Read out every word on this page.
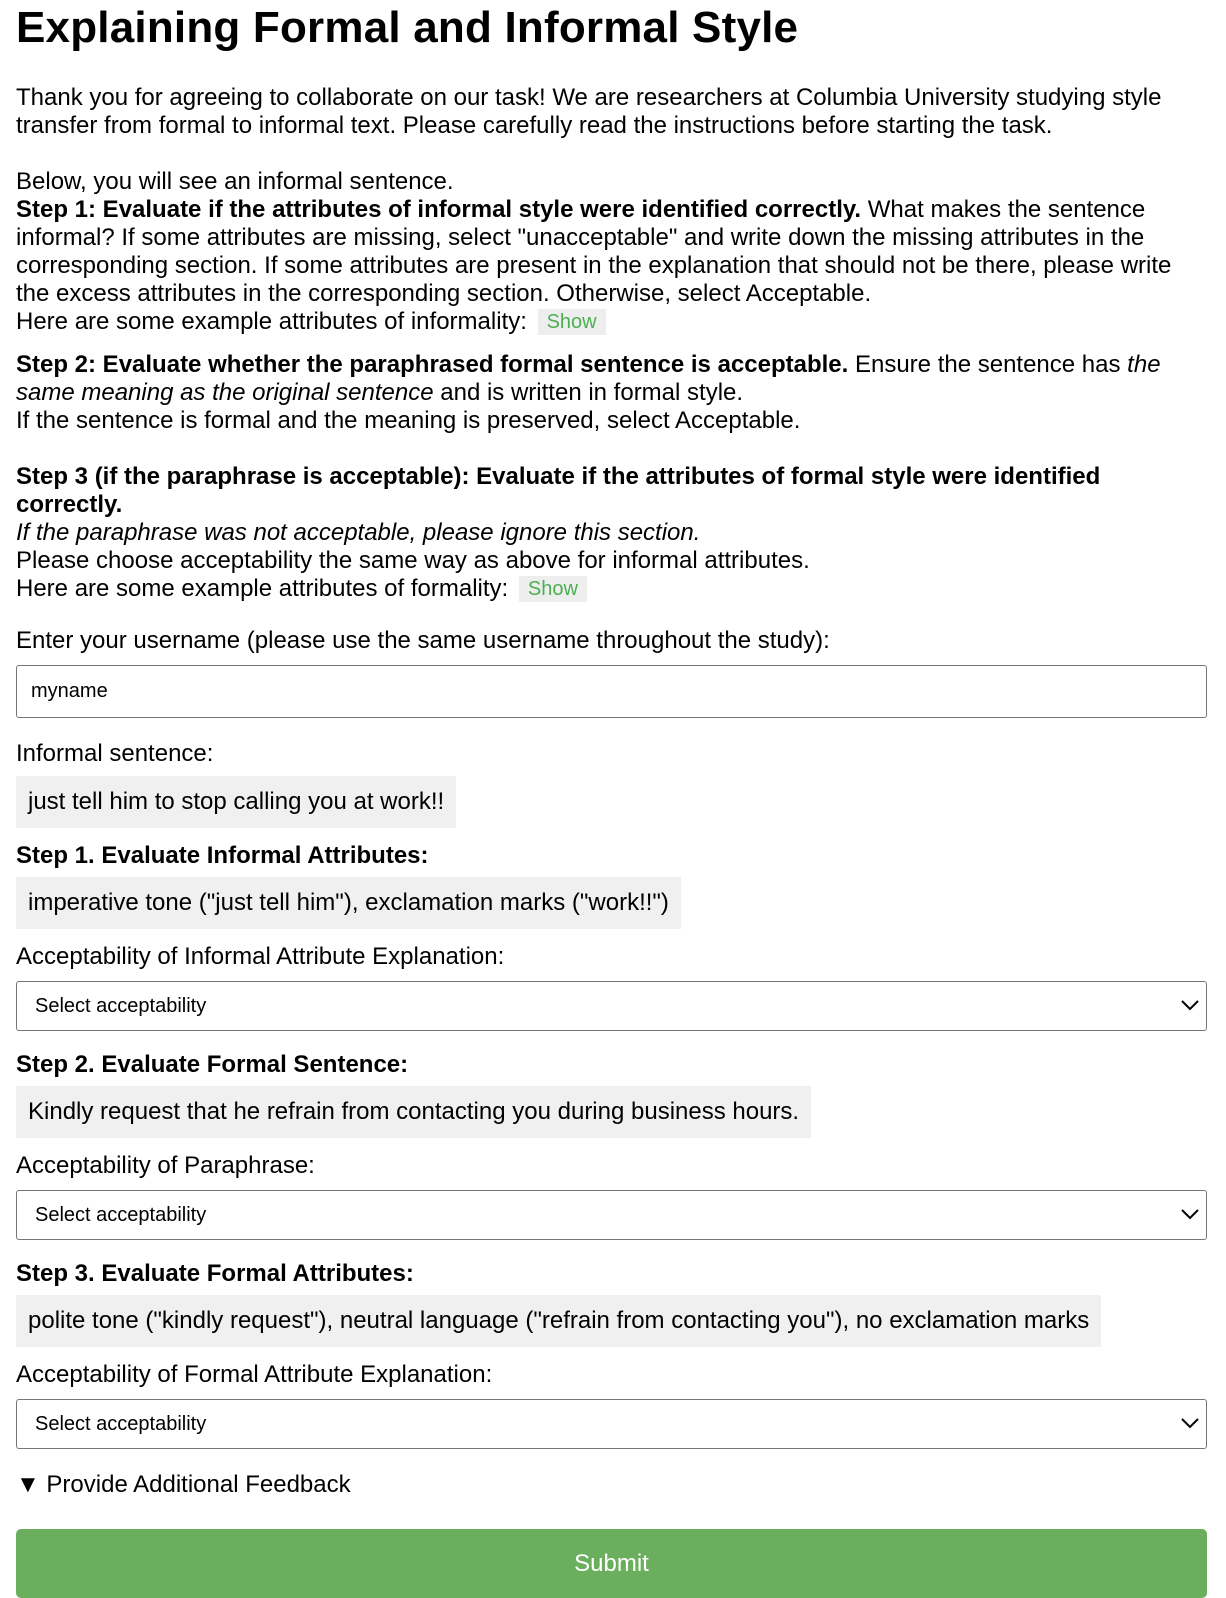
Explaining Formal and Informal Style

Thank you for agreeing to collaborate on our task! We are researchers at Columbia University studying style transfer from formal to informal text. Please carefully read the instructions before starting the task.

Below, you will see an informal sentence.

Step 1: Evaluate if the attributes of informal style were identified correctly. What makes the sentence informal? If some attributes are missing, select "unacceptable" and write down the missing attributes in the corresponding section. If some attributes are present in the explanation that should not be there, please write the excess attributes in the corresponding section. Otherwise, select Acceptable.

Here are some example attributes of informality: Show

Step 2: Evaluate whether the paraphrased formal sentence is acceptable. Ensure the sentence has the same meaning as the original sentence and is written in formal style.

If the sentence is formal and the meaning is preserved, select Acceptable.

Step 3 (if the paraphrase is acceptable): Evaluate if the attributes of formal style were identified correctly.

If the paraphrase was not acceptable, please ignore this section.

Please choose acceptability the same way as above for informal attributes.

Here are some example attributes of formality: Show

Enter your username (please use the same username throughout the study):

myname

Informal sentence:

just tell him to stop calling you at work!!

Step 1. Evaluate Informal Attributes:

imperative tone ("just tell him"), exclamation marks ("work!!")

Acceptability of Informal Attribute Explanation:

Select acceptability

Step 2. Evaluate Formal Sentence:

Kindly request that he refrain from contacting you during business hours.

Acceptability of Paraphrase:

Select acceptability

Step 3. Evaluate Formal Attributes:

polite tone ("kindly request"), neutral language ("refrain from contacting you"), no exclamation marks

Acceptability of Formal Attribute Explanation:

Select acceptability
▼ Provide Additional Feedback
Submit
